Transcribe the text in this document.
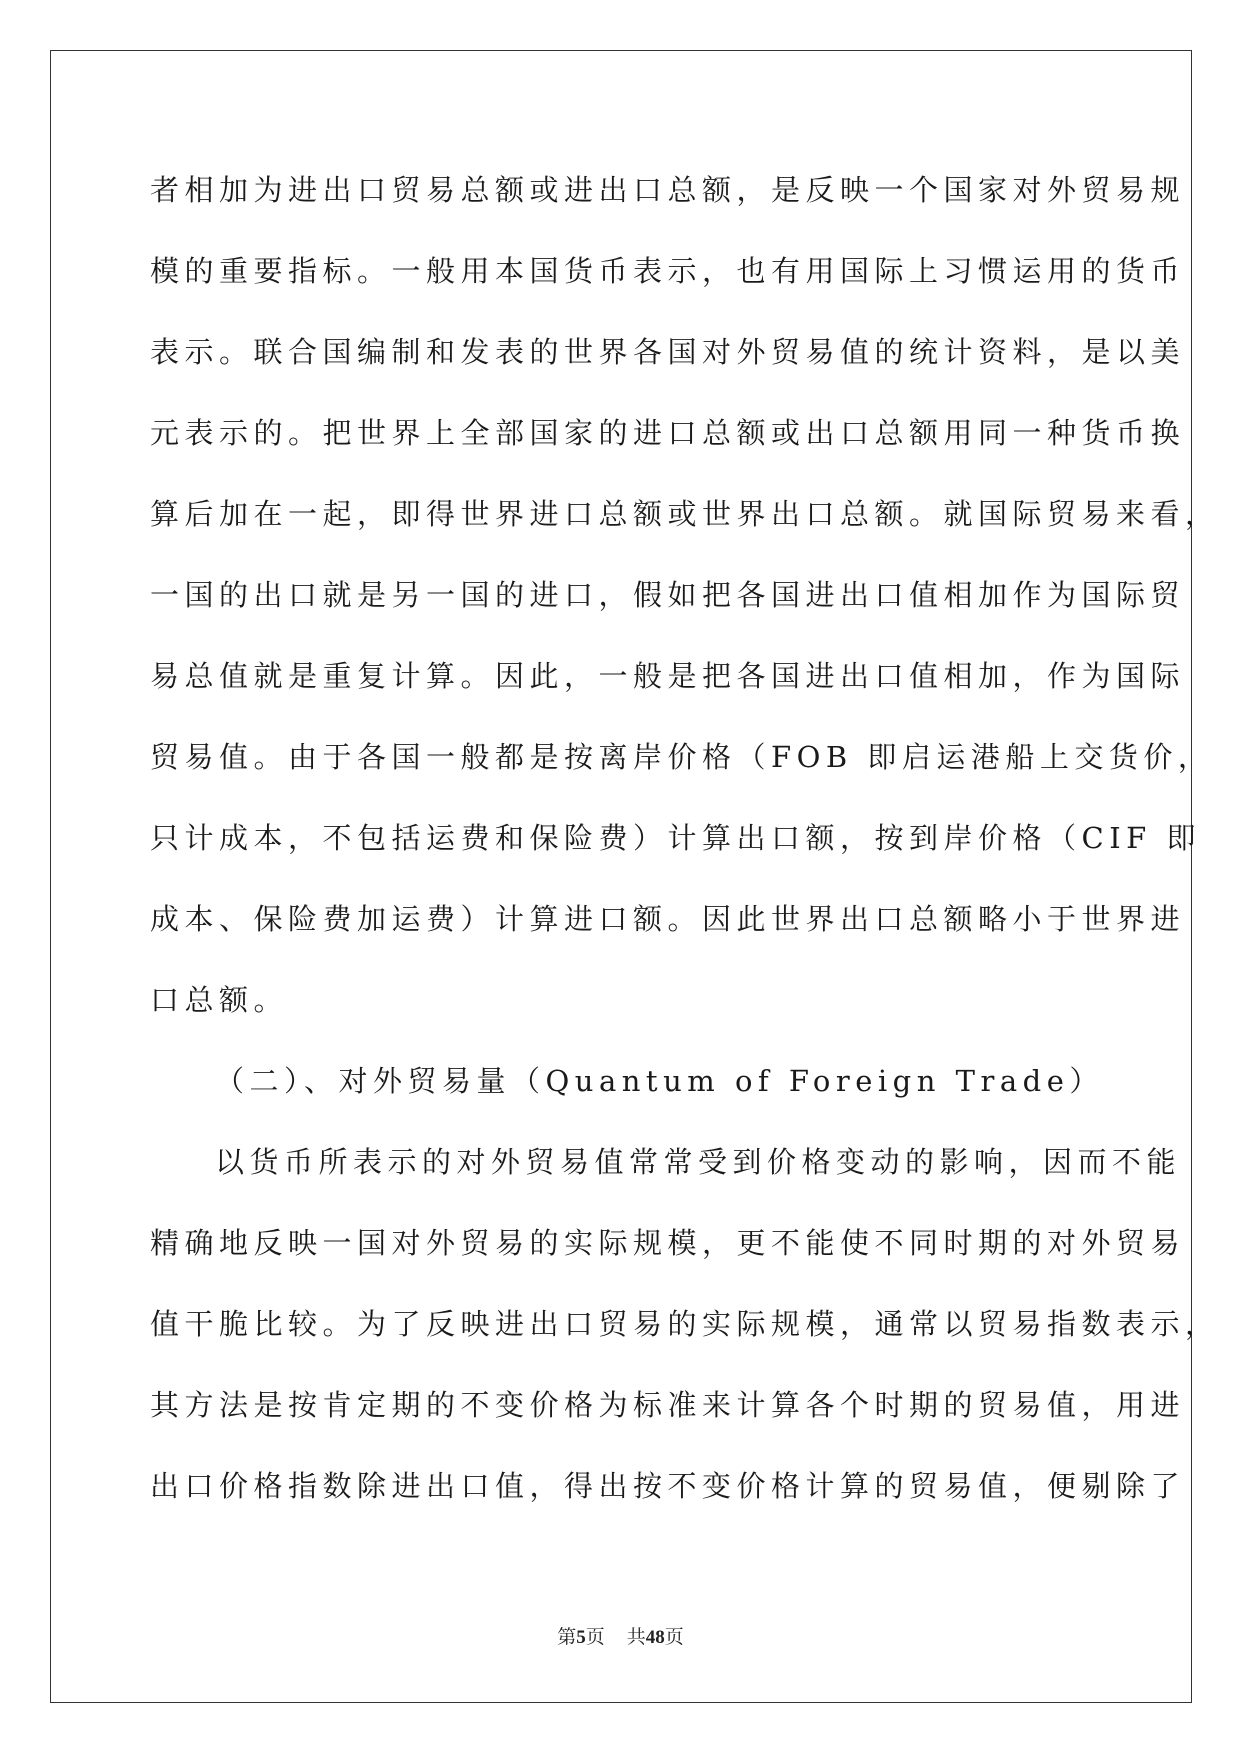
者相加为进出口贸易总额或进出口总额，是反映一个国家对外贸易规
模的重要指标。一般用本国货币表示，也有用国际上习惯运用的货币
表示。联合国编制和发表的世界各国对外贸易值的统计资料，是以美
元表示的。把世界上全部国家的进口总额或出口总额用同一种货币换
算后加在一起，即得世界进口总额或世界出口总额。就国际贸易来看，
一国的出口就是另一国的进口，假如把各国进出口值相加作为国际贸
易总值就是重复计算。因此，一般是把各国进出口值相加，作为国际
贸易值。由于各国一般都是按离岸价格（FOB 即启运港船上交货价，
只计成本，不包括运费和保险费）计算出口额，按到岸价格（CIF 即
成本、保险费加运费）计算进口额。因此世界出口总额略小于世界进
口总额。
（二）、对外贸易量（Quantum of Foreign Trade）
以货币所表示的对外贸易值常常受到价格变动的影响，因而不能
精确地反映一国对外贸易的实际规模，更不能使不同时期的对外贸易
值干脆比较。为了反映进出口贸易的实际规模，通常以贸易指数表示，
其方法是按肯定期的不变价格为标准来计算各个时期的贸易值，用进
出口价格指数除进出口值，得出按不变价格计算的贸易值，便剔除了
第5页 共48页
